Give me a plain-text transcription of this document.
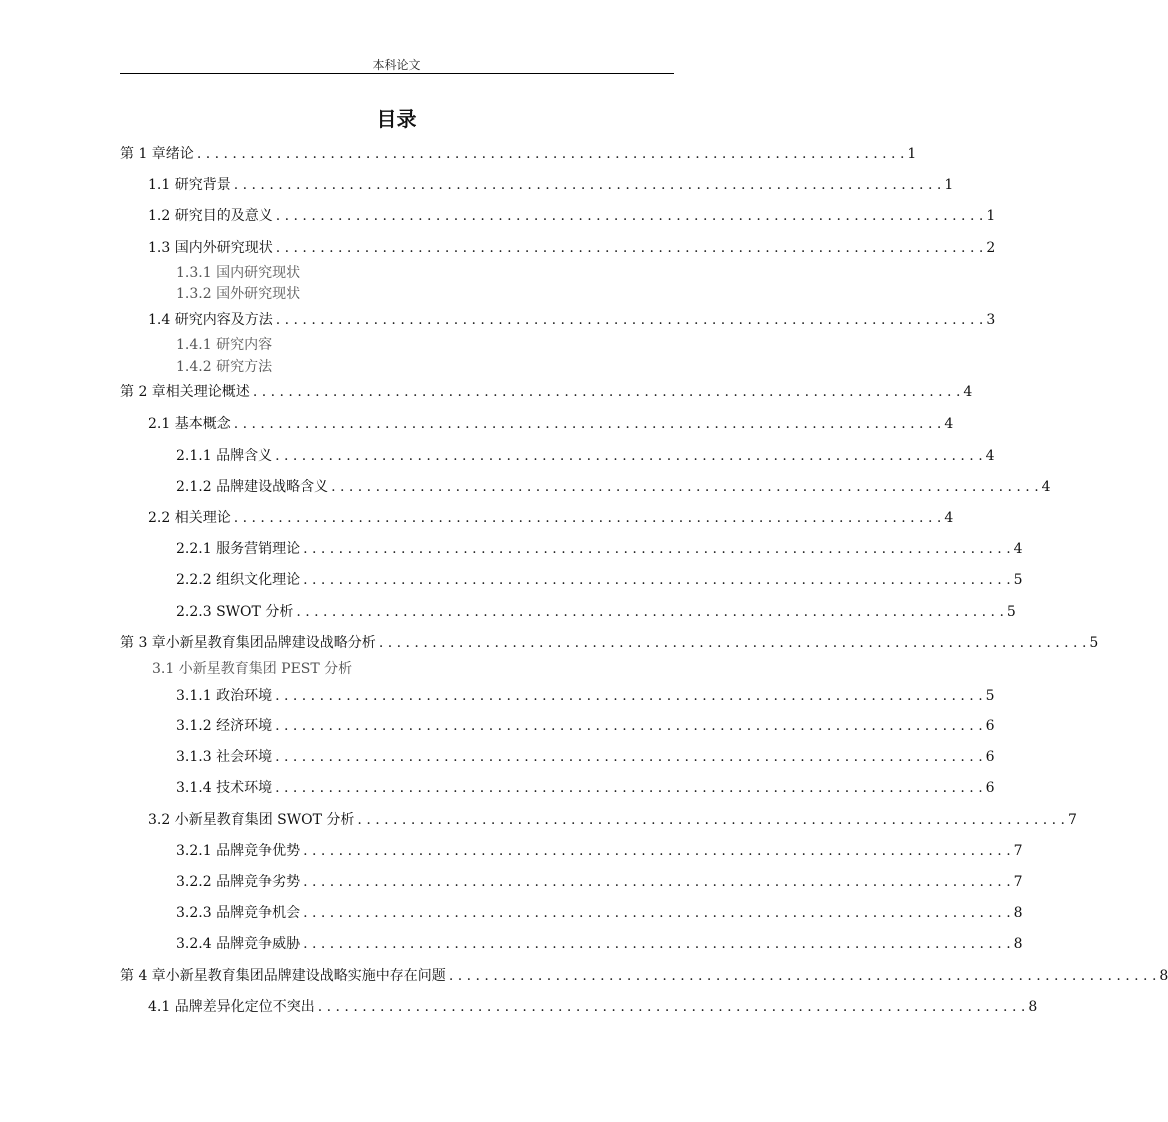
本科论文
目录
第 1 章绪论 . . . . . . . . . . . . . . . . . . . . . . . . . . . . . . . . . . . . . . . . . . . . . . . . . . . . . . . . . . . . . . . . . . . . . . . . . . . . . . . . 1
1.1 研究背景 . . . . . . . . . . . . . . . . . . . . . . . . . . . . . . . . . . . . . . . . . . . . . . . . . . . . . . . . . . . . . . . . . . . . . . . . . . . . . . . . 1
1.2 研究目的及意义 . . . . . . . . . . . . . . . . . . . . . . . . . . . . . . . . . . . . . . . . . . . . . . . . . . . . . . . . . . . . . . . . . . . . . . . . . . . . . . . . 1
1.3 国内外研究现状 . . . . . . . . . . . . . . . . . . . . . . . . . . . . . . . . . . . . . . . . . . . . . . . . . . . . . . . . . . . . . . . . . . . . . . . . . . . . . . . . 2
1.3.1 国内研究现状
1.3.2 国外研究现状
1.4 研究内容及方法 . . . . . . . . . . . . . . . . . . . . . . . . . . . . . . . . . . . . . . . . . . . . . . . . . . . . . . . . . . . . . . . . . . . . . . . . . . . . . . . . 3
1.4.1 研究内容
1.4.2 研究方法
第 2 章相关理论概述 . . . . . . . . . . . . . . . . . . . . . . . . . . . . . . . . . . . . . . . . . . . . . . . . . . . . . . . . . . . . . . . . . . . . . . . . . . . . . . . . 4
2.1 基本概念 . . . . . . . . . . . . . . . . . . . . . . . . . . . . . . . . . . . . . . . . . . . . . . . . . . . . . . . . . . . . . . . . . . . . . . . . . . . . . . . . 4
2.1.1 品牌含义 . . . . . . . . . . . . . . . . . . . . . . . . . . . . . . . . . . . . . . . . . . . . . . . . . . . . . . . . . . . . . . . . . . . . . . . . . . . . . . . . 4
2.1.2 品牌建设战略含义 . . . . . . . . . . . . . . . . . . . . . . . . . . . . . . . . . . . . . . . . . . . . . . . . . . . . . . . . . . . . . . . . . . . . . . . . . . . . . . . . 4
2.2 相关理论 . . . . . . . . . . . . . . . . . . . . . . . . . . . . . . . . . . . . . . . . . . . . . . . . . . . . . . . . . . . . . . . . . . . . . . . . . . . . . . . . 4
2.2.1 服务营销理论 . . . . . . . . . . . . . . . . . . . . . . . . . . . . . . . . . . . . . . . . . . . . . . . . . . . . . . . . . . . . . . . . . . . . . . . . . . . . . . . . 4
2.2.2 组织文化理论 . . . . . . . . . . . . . . . . . . . . . . . . . . . . . . . . . . . . . . . . . . . . . . . . . . . . . . . . . . . . . . . . . . . . . . . . . . . . . . . . 5
2.2.3 SWOT 分析 . . . . . . . . . . . . . . . . . . . . . . . . . . . . . . . . . . . . . . . . . . . . . . . . . . . . . . . . . . . . . . . . . . . . . . . . . . . . . . . . 5
第 3 章小新星教育集团品牌建设战略分析 . . . . . . . . . . . . . . . . . . . . . . . . . . . . . . . . . . . . . . . . . . . . . . . . . . . . . . . . . . . . . . . . . . . . . . . . . . . . . . . . 5
3.1 小新星教育集团 PEST 分析
3.1.1 政治环境 . . . . . . . . . . . . . . . . . . . . . . . . . . . . . . . . . . . . . . . . . . . . . . . . . . . . . . . . . . . . . . . . . . . . . . . . . . . . . . . . 5
3.1.2 经济环境 . . . . . . . . . . . . . . . . . . . . . . . . . . . . . . . . . . . . . . . . . . . . . . . . . . . . . . . . . . . . . . . . . . . . . . . . . . . . . . . . 6
3.1.3 社会环境 . . . . . . . . . . . . . . . . . . . . . . . . . . . . . . . . . . . . . . . . . . . . . . . . . . . . . . . . . . . . . . . . . . . . . . . . . . . . . . . . 6
3.1.4 技术环境 . . . . . . . . . . . . . . . . . . . . . . . . . . . . . . . . . . . . . . . . . . . . . . . . . . . . . . . . . . . . . . . . . . . . . . . . . . . . . . . . 6
3.2 小新星教育集团 SWOT 分析 . . . . . . . . . . . . . . . . . . . . . . . . . . . . . . . . . . . . . . . . . . . . . . . . . . . . . . . . . . . . . . . . . . . . . . . . . . . . . . . . 7
3.2.1 品牌竞争优势 . . . . . . . . . . . . . . . . . . . . . . . . . . . . . . . . . . . . . . . . . . . . . . . . . . . . . . . . . . . . . . . . . . . . . . . . . . . . . . . . 7
3.2.2 品牌竞争劣势 . . . . . . . . . . . . . . . . . . . . . . . . . . . . . . . . . . . . . . . . . . . . . . . . . . . . . . . . . . . . . . . . . . . . . . . . . . . . . . . . 7
3.2.3 品牌竞争机会 . . . . . . . . . . . . . . . . . . . . . . . . . . . . . . . . . . . . . . . . . . . . . . . . . . . . . . . . . . . . . . . . . . . . . . . . . . . . . . . . 8
3.2.4 品牌竞争威胁 . . . . . . . . . . . . . . . . . . . . . . . . . . . . . . . . . . . . . . . . . . . . . . . . . . . . . . . . . . . . . . . . . . . . . . . . . . . . . . . . 8
第 4 章小新星教育集团品牌建设战略实施中存在问题 . . . . . . . . . . . . . . . . . . . . . . . . . . . . . . . . . . . . . . . . . . . . . . . . . . . . . . . . . . . . . . . . . . . . . . . . . . . . . . . . 8
4.1 品牌差异化定位不突出 . . . . . . . . . . . . . . . . . . . . . . . . . . . . . . . . . . . . . . . . . . . . . . . . . . . . . . . . . . . . . . . . . . . . . . . . . . . . . . . . 8
